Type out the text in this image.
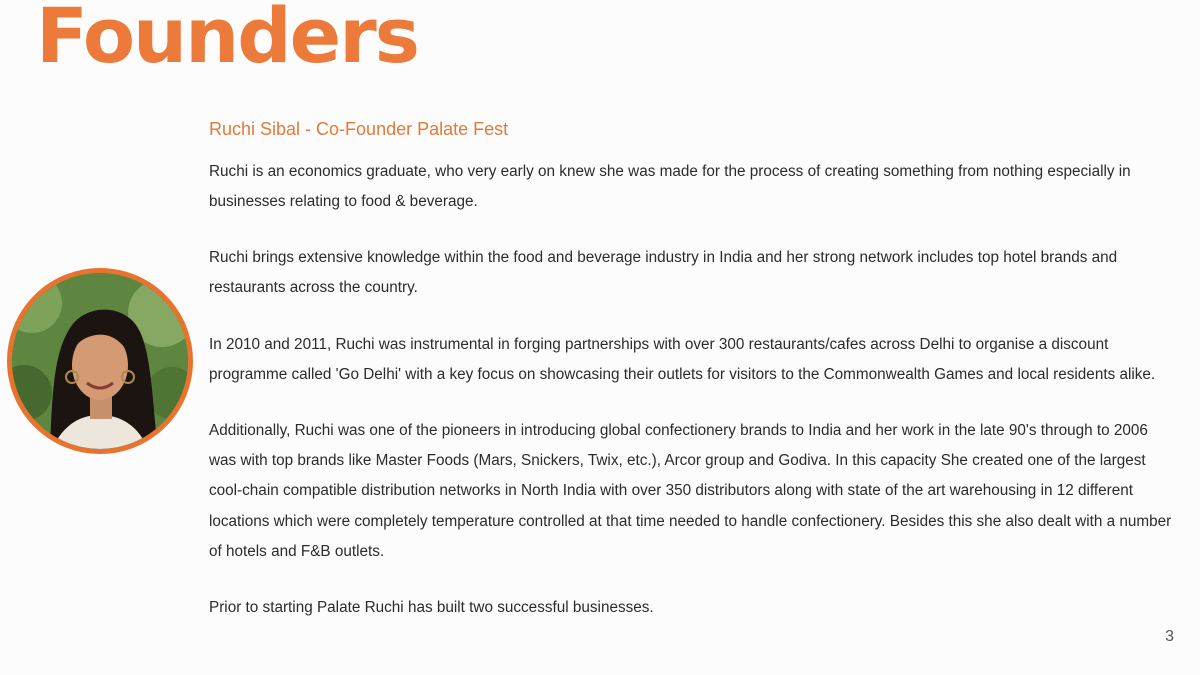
Founders
Ruchi Sibal - Co-Founder Palate Fest

Ruchi is an economics graduate, who very early on knew she was made for the process of creating something from nothing especially in businesses relating to food & beverage.

Ruchi brings extensive knowledge within the food and beverage industry in India and her strong network includes top hotel brands and restaurants across the country.

In 2010 and 2011, Ruchi was instrumental in forging partnerships with over 300 restaurants/cafes across Delhi to organise a discount programme called 'Go Delhi' with a key focus on showcasing their outlets for visitors to the Commonwealth Games and local residents alike.

Additionally, Ruchi was one of the pioneers in introducing global confectionery brands to India and her work in the late 90's through to 2006 was with top brands like Master Foods (Mars, Snickers, Twix, etc.), Arcor group and Godiva. In this capacity She created one of the largest cool-chain compatible distribution networks in North India with over 350 distributors along with state of the art warehousing in 12 different locations which were completely temperature controlled at that time needed to handle confectionery. Besides this she also dealt with a number of hotels and F&B outlets.

Prior to starting Palate Ruchi has built two successful businesses.

3
